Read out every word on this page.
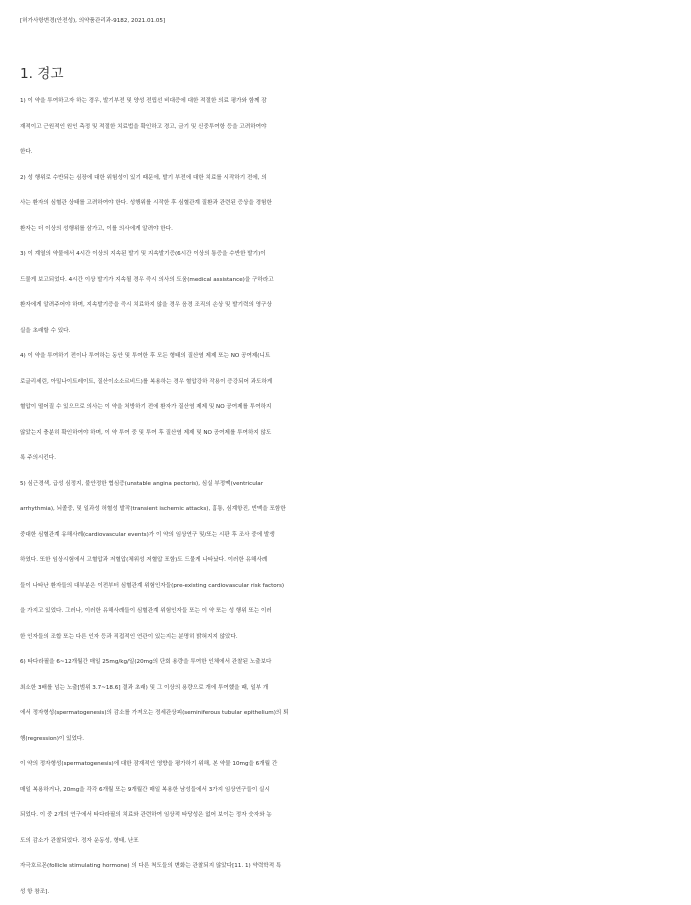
[허가사항변경(안전성), 의약품관리과-9182, 2021.01.05]
1. 경고
1) 이 약을 투여하고자 하는 경우, 발기부전 및 양성 전립선 비대증에 대한 적절한 의료 평가와 함께 잠
재적이고 근원적인 원인 측정 및 적절한 치료법을 확인하고 경고, 금기 및 신중투여항 등을 고려하여야
한다.
2) 성 행위로 수반되는 심장에 대한 위험성이 있기 때문에, 발기 부전에 대한 치료를 시작하기 전에, 의
사는 환자의 심혈관 상태를 고려하여야 한다. 성행위를 시작한 후 심혈관계 질환과 관련된 증상을 경험한
환자는 더 이상의 성행위를 삼가고, 이를 의사에게 알려야 한다.
3) 이 계열의 약물에서 4시간 이상의 지속된 발기 및 지속발기증(6시간 이상의 통증을 수반한 발기)이
드물게 보고되었다. 4시간 이상 발기가 지속될 경우 즉시 의사의 도움(medical assistance)을 구하라고
환자에게 알려주어야 하며, 지속발기증을 즉시 치료하지 않을 경우 음경 조직의 손상 및 발기력의 영구상
실을 초래할 수 있다.
4) 이 약을 투여하기 전이나 투여하는 동안 및 투여한 후 모든 형태의 질산염 제제 또는 NO 공여제(니트
로글리세린, 아밀나이트레이트, 질산이소소르비드)를 복용하는 경우 혈압강하 작용이 증강되어 과도하게
혈압이 떨어질 수 있으므로 의사는 이 약을 처방하기 전에 환자가 질산염 제제 및 NO 공여제를 투여하지
않았는지 충분히 확인하여야 하며, 이 약 투여 중 및 투여 후 질산염 제제 및 NO 공여제를 투여하지 않도
록 주의시킨다.
5) 심근경색, 급성 심정지, 불안정한 협심증(unstable angina pectoris), 심실 부정맥(ventricular
arrhythmia), 뇌졸중, 및 일과성 허혈성 발작(transient ischemic attacks), 흉통, 심계항진, 빈맥을 포함한
중대한 심혈관계 유해사례(cardiovascular events)가 이 약의 임상연구 및/또는 시판 후 조사 중에 발생
하였다. 또한 임상시험에서 고혈압과 저혈압(체위성 저혈압 포함)도 드물게 나타났다. 이러한 유해사례
들이 나타난 환자들의 대부분은 이전부터 심혈관계 위험인자들(pre-existing cardiovascular risk factors)
을 가지고 있었다. 그러나, 이러한 유해사례들이 심혈관계 위험인자들 또는 이 약 또는 성 행위 또는 이러
한 인자들의 조합 또는 다른 인자 등과 직접적인 연관이 있는지는 분명히 밝혀지지 않았다.
6) 타다라필을 6~12개월간 매일 25mg/kg/일(20mg의 단회 용량을 투여한 인체에서 관찰된 노출보다
최소한 3배를 넘는 노출[범위 3.7~18.6] 결과 초래) 및 그 이상의 용량으로 개에 투여했을 때, 일부 개
에서 정자형성(spermatogenesis)의 감소를 가져오는 정세관상피(seminiferous tubular epithelium)의 퇴
행(regression)이 있었다.
이 약의 정자형성(spermatogenesis)에 대한 잠재적인 영향을 평가하기 위해, 본 약물 10mg을 6개월 간
매일 복용하거나, 20mg을 각각 6개월 또는 9개월간 매일 복용한 남성들에서 3가지 임상연구들이 실시
되었다. 이 중 2개의 연구에서 타다라필의 치료와 관련하여 임상적 타당성은 없어 보이는 정자 숫자와 농
도의 감소가 관찰되었다. 정자 운동성, 형태, 난포
자극호르몬(follicle stimulating hormone) 의 다른 척도들의 변화는 관찰되지 않았다[11. 1) 약력학적 특
성 항 참조].
